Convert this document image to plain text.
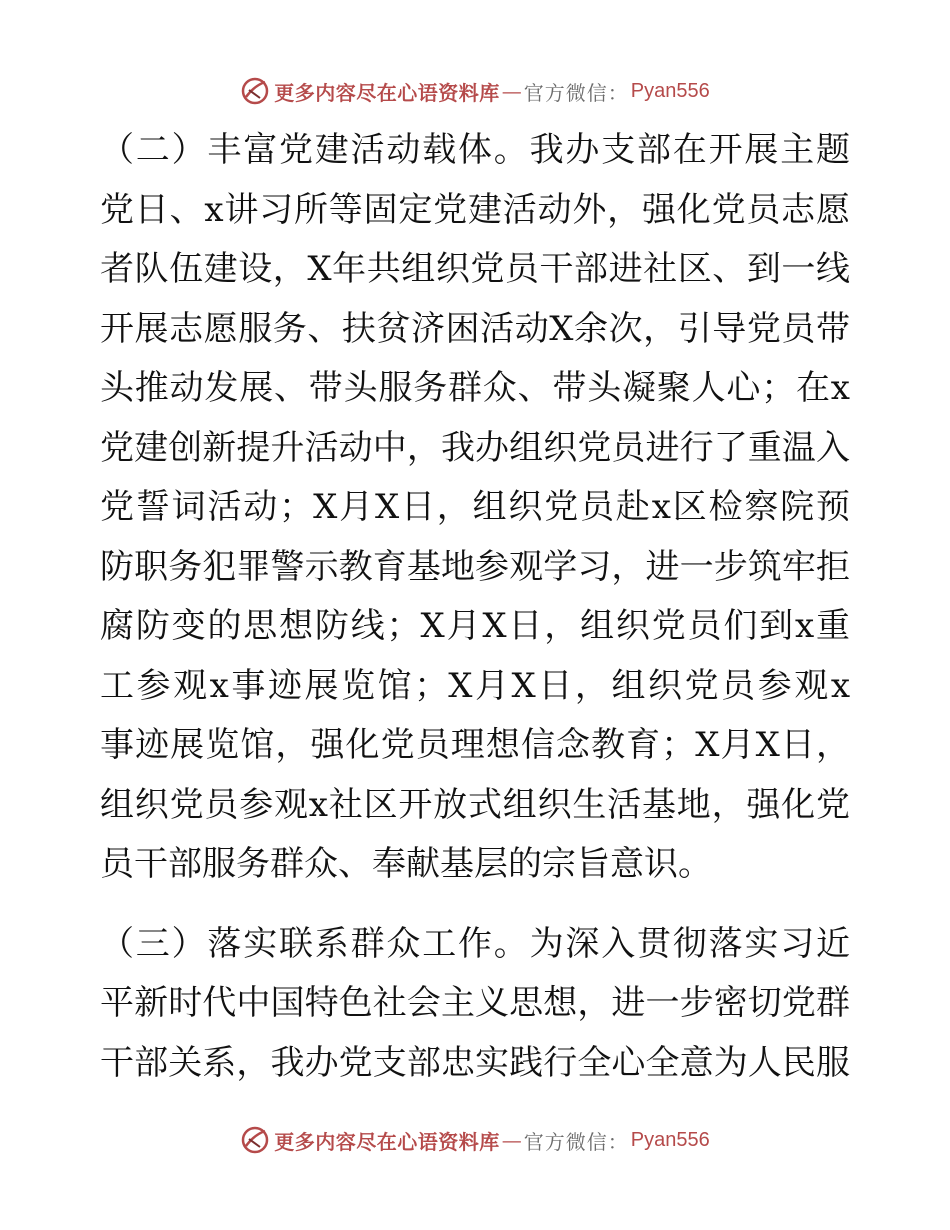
更多内容尽在心语资料库 — 官方微信： Pyan556

（二）丰富党建活动载体。我办支部在开展主题
党日、x讲习所等固定党建活动外，强化党员志愿
者队伍建设，X年共组织党员干部进社区、到一线
开展志愿服务、扶贫济困活动X余次，引导党员带
头推动发展、带头服务群众、带头凝聚人心；在x
党建创新提升活动中，我办组织党员进行了重温入
党誓词活动；X月X日，组织党员赴x区检察院预
防职务犯罪警示教育基地参观学习，进一步筑牢拒
腐防变的思想防线；X月X日，组织党员们到x重
工参观x事迹展览馆；X月X日，组织党员参观x
事迹展览馆，强化党员理想信念教育；X月X日，
组织党员参观x社区开放式组织生活基地，强化党
员干部服务群众、奉献基层的宗旨意识。

（三）落实联系群众工作。为深入贯彻落实习近
平新时代中国特色社会主义思想，进一步密切党群
干部关系，我办党支部忠实践行全心全意为人民服

更多内容尽在心语资料库 — 官方微信： Pyan556
